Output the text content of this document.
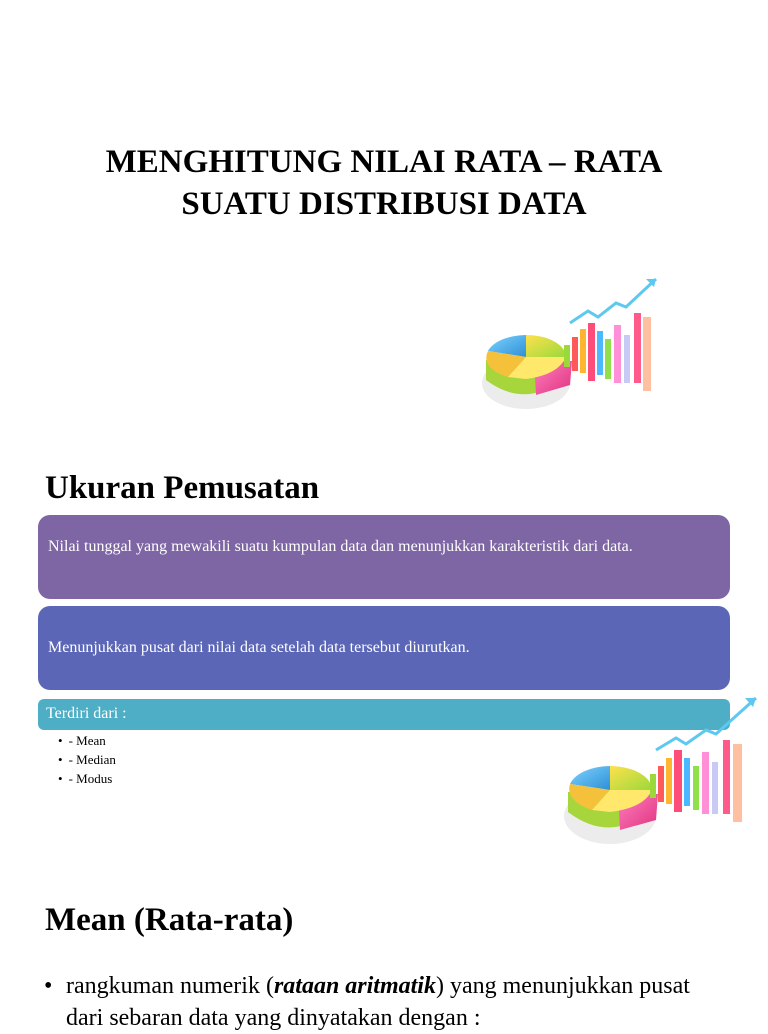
MENGHITUNG NILAI RATA – RATA
SUATU DISTRIBUSI DATA
Ukuran Pemusatan
Nilai tunggal yang mewakili suatu kumpulan data dan menunjukkan karakteristik dari data.
Menunjukkan pusat dari nilai data setelah data tersebut diurutkan.
Terdiri dari :
• - Mean
• - Median
• - Modus
Mean (Rata-rata)
• rangkuman numerik (rataan aritmatik) yang menunjukkan pusat dari sebaran data yang dinyatakan dengan :
